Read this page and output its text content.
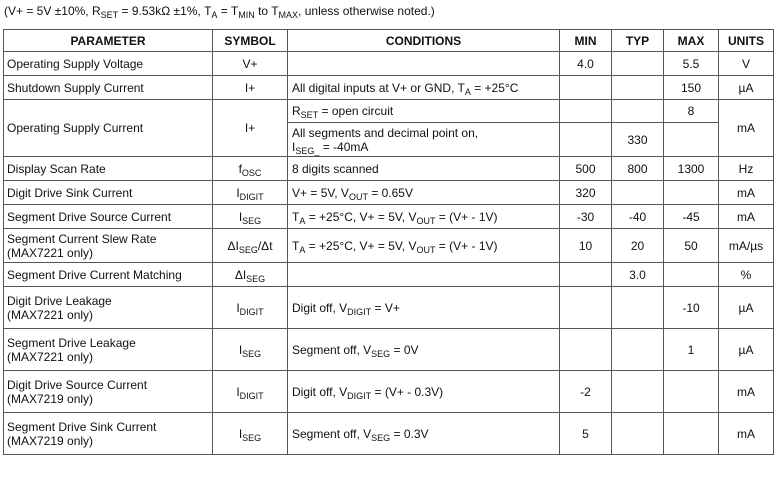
(V+ = 5V ±10%, $R_{SET} = 9.53k\Omega \pm 1\%$, $T_A = T_{MIN}$ to $T_{MAX}$, unless otherwise noted.)
PARAMETER	SYMBOL	CONDITIONS	MIN	TYP	MAX	UNITS
Operating Supply Voltage	V+		4.0		5.5	V
Shutdown Supply Current	I+	All digital inputs at V+ or GND, $T_A = +25^\circ C$			150	µA
Operating Supply Current	I+	$R_{SET}$ = open circuit			8	mA
		All segments and decimal point on,
$I_{SEG\_} = -40mA$		330		
Display Scan Rate	$f_{OSC}$	8 digits scanned	500	800	1300	Hz
Digit Drive Sink Current	$I_{DIGIT}$	V+ = 5V, $V_{OUT} = 0.65V$	320			mA
Segment Drive Source Current	$I_{SEG}$	$T_A = +25^\circ C$, V+ = 5V, $V_{OUT} = (V+ - 1V)$	-30	-40	-45	mA
Segment Current Slew Rate
(MAX7221 only)	$\Delta I_{SEG}/\Delta t$	$T_A = +25^\circ C$, V+ = 5V, $V_{OUT} = (V+ - 1V)$	10	20	50	mA/µs
Segment Drive Current Matching	$\Delta I_{SEG}$			3.0		%
Digit Drive Leakage
(MAX7221 only)	$I_{DIGIT}$	Digit off, $V_{DIGIT} = V+$			-10	µA
Segment Drive Leakage
(MAX7221 only)	$I_{SEG}$	Segment off, $V_{SEG} = 0V$			1	µA
Digit Drive Source Current
(MAX7219 only)	$I_{DIGIT}$	Digit off, $V_{DIGIT} = (V+ - 0.3V)$	-2			mA
Segment Drive Sink Current
(MAX7219 only)	$I_{SEG}$	Segment off, $V_{SEG} = 0.3V$	5			mA
